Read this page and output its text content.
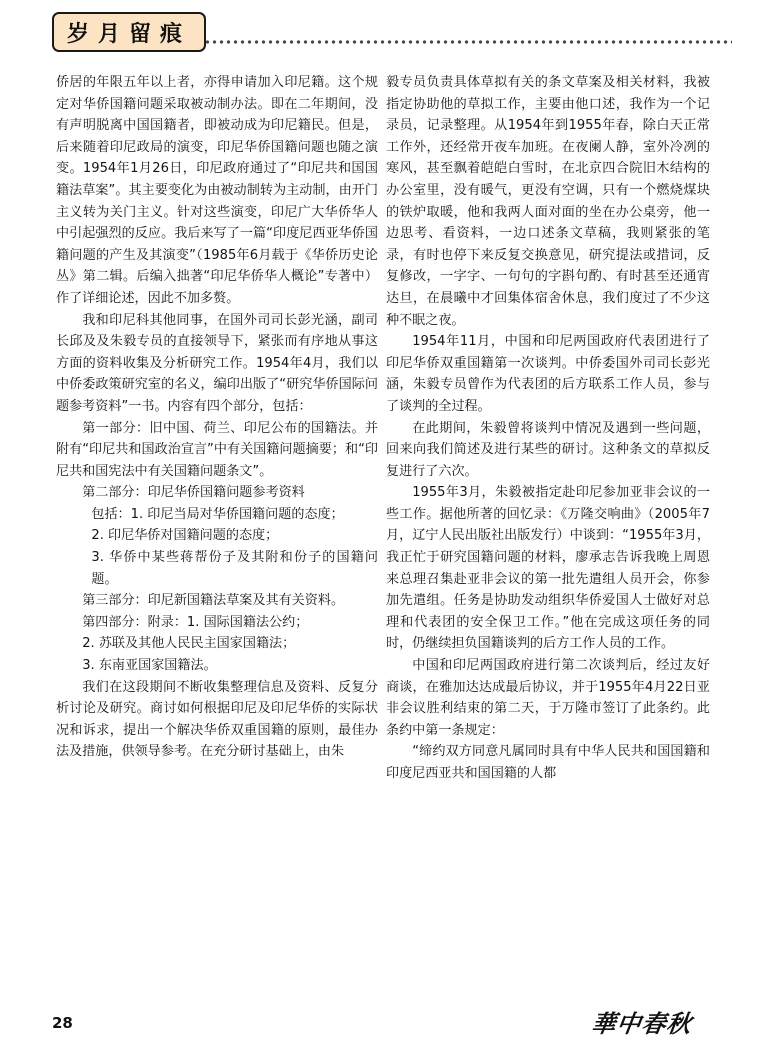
岁月留痕

侨居的年限五年以上者，亦得申请加入印尼籍。这个规定对华侨国籍问题采取被动制办法。即在二年期间，没有声明脱离中国国籍者，即被动成为印尼籍民。但是，后来随着印尼政局的演变，印尼华侨国籍问题也随之演变。1954年1月26日，印尼政府通过了“印尼共和国国籍法草案”。其主要变化为由被动制转为主动制，由开门主义转为关门主义。针对这些演变，印尼广大华侨华人中引起强烈的反应。我后来写了一篇“印度尼西亚华侨国籍问题的产生及其演变”（1985年6月载于《华侨历史论丛》第二辑。后编入拙著“印尼华侨华人概论”专著中）作了详细论述，因此不加多赘。

我和印尼科其他同事，在国外司司长彭光涵，副司长邱及及朱毅专员的直接领导下，紧张而有序地从事这方面的资料收集及分析研究工作。1954年4月，我们以中侨委政策研究室的名义，编印出版了“研究华侨国际问题参考资料”一书。内容有四个部分，包括：

第一部分：旧中国、荷兰、印尼公布的国籍法。并附有“印尼共和国政治宣言”中有关国籍问题摘要；和“印尼共和国宪法中有关国籍问题条文”。

第二部分：印尼华侨国籍问题参考资料

包括：1. 印尼当局对华侨国籍问题的态度；

2. 印尼华侨对国籍问题的态度；

3. 华侨中某些蒋帮份子及其附和份子的国籍问题。

第三部分：印尼新国籍法草案及其有关资料。

第四部分：附录：1. 国际国籍法公约；

2. 苏联及其他人民民主国家国籍法；

3. 东南亚国家国籍法。

我们在这段期间不断收集整理信息及资料、反复分析讨论及研究。商讨如何根据印尼及印尼华侨的实际状况和诉求，提出一个解决华侨双重国籍的原则，最佳办法及措施，供领导参考。在充分研讨基础上，由朱

毅专员负责具体草拟有关的条文草案及相关材料，我被指定协助他的草拟工作，主要由他口述，我作为一个记录员，记录整理。从1954年到1955年春，除白天正常工作外，还经常开夜车加班。在夜阑人静，室外冷冽的寒风，甚至飘着皑皑白雪时，在北京四合院旧木结构的办公室里，没有暖气，更没有空调，只有一个燃烧煤块的铁炉取暖，他和我两人面对面的坐在办公桌旁，他一边思考、看资料，一边口述条文草稿，我则紧张的笔录，有时也停下来反复交换意见，研究提法或措词，反复修改，一字字、一句句的字斟句酌、有时甚至还通宵达旦，在晨曦中才回集体宿舍休息，我们度过了不少这种不眠之夜。

1954年11月，中国和印尼两国政府代表团进行了印尼华侨双重国籍第一次谈判。中侨委国外司司长彭光涵，朱毅专员曾作为代表团的后方联系工作人员，参与了谈判的全过程。

在此期间，朱毅曾将谈判中情况及遇到一些问题，回来向我们简述及进行某些的研讨。这种条文的草拟反复进行了六次。

1955年3月，朱毅被指定赴印尼参加亚非会议的一些工作。据他所著的回忆录：《万隆交响曲》（2005年7月，辽宁人民出版社出版发行）中谈到：“1955年3月，我正忙于研究国籍问题的材料，廖承志告诉我晚上周恩来总理召集赴亚非会议的第一批先遣组人员开会，你参加先遣组。任务是协助发动组织华侨爱国人士做好对总理和代表团的安全保卫工作。”他在完成这项任务的同时，仍继续担负国籍谈判的后方工作人员的工作。

中国和印尼两国政府进行第二次谈判后，经过友好商谈，在雅加达达成最后协议，并于1955年4月22日亚非会议胜利结束的第二天，于万隆市签订了此条约。此条约中第一条规定：

“缔约双方同意凡属同时具有中华人民共和国国籍和印度尼西亚共和国国籍的人都

28	華中春秋
